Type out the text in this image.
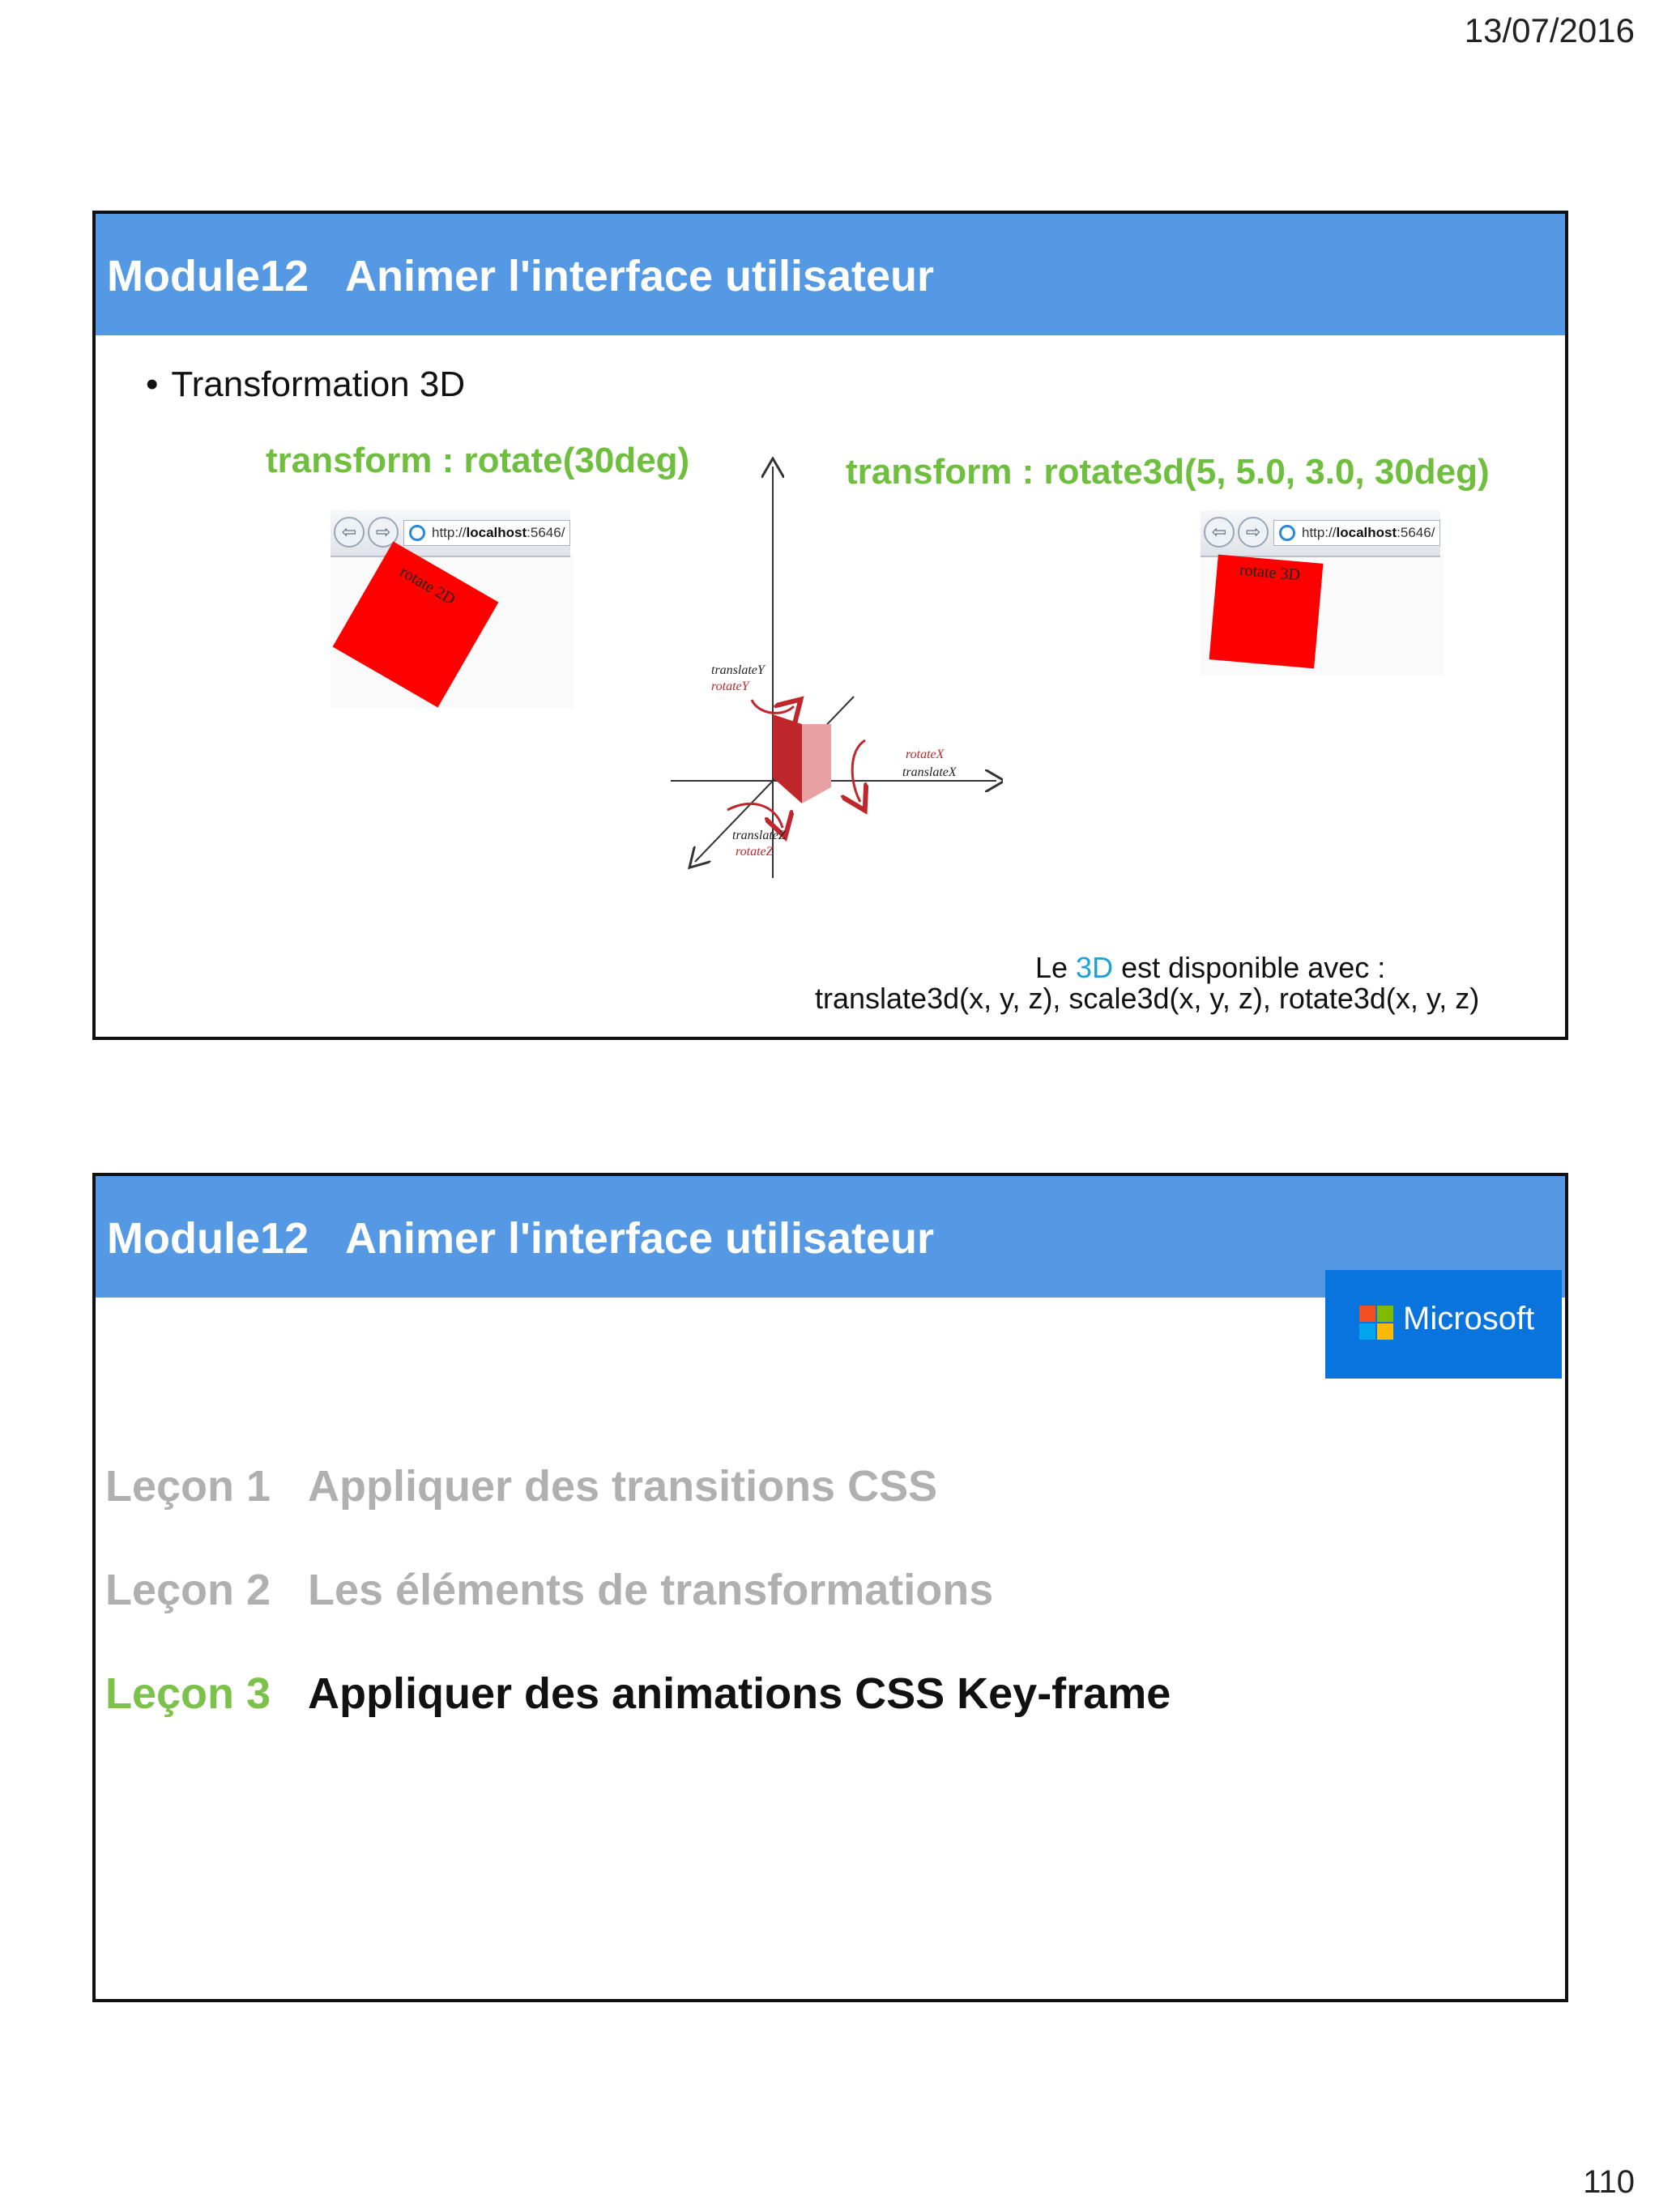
13/07/2016
Module12 Animer l'interface utilisateur
• Transformation 3D
transform : rotate(30deg)	transform : rotate3d(5, 5.0, 3.0, 30deg)
⇦	⇨	http://localhost:5646/
rotate 2D
⇦	⇨	http://localhost:5646/
rotate 3D
translateY
rotateY
rotateX
translateX
translateZ
rotateZ
Le 3D est disponible avec :
translate3d(x, y, z), scale3d(x, y, z), rotate3d(x, y, z)
Module12 Animer l'interface utilisateur
Microsoft
Leçon 1 Appliquer des transitions CSS
Leçon 2 Les éléments de transformations
Leçon 3 Appliquer des animations CSS Key-frame
110
